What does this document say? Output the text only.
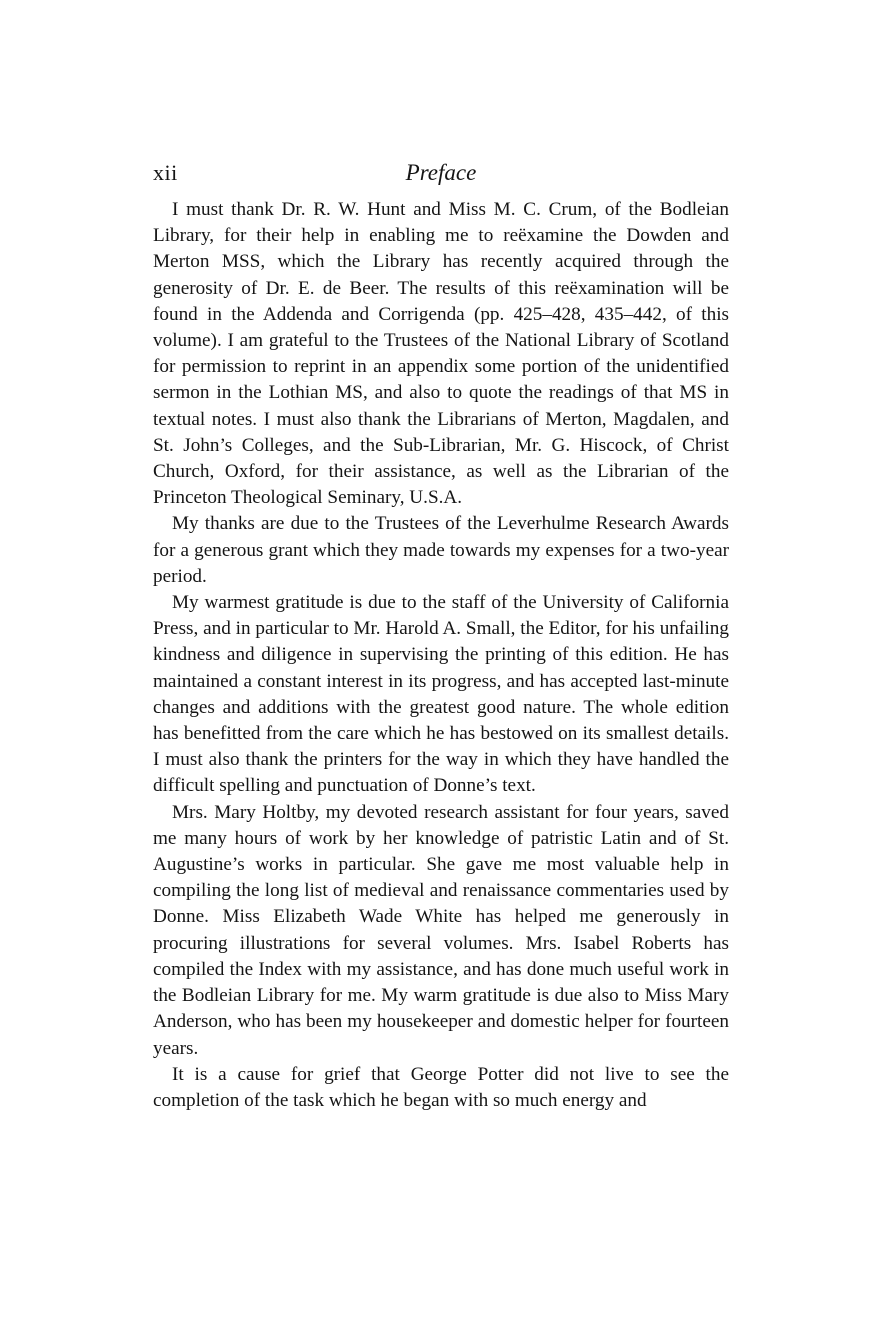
xii	Preface

I must thank Dr. R. W. Hunt and Miss M. C. Crum, of the Bodleian Library, for their help in enabling me to reëxamine the Dowden and Merton MSS, which the Library has recently acquired through the generosity of Dr. E. de Beer. The results of this reëxamination will be found in the Addenda and Corrigenda (pp. 425–428, 435–442, of this volume). I am grateful to the Trustees of the National Library of Scotland for permission to reprint in an appendix some portion of the unidentified sermon in the Lothian MS, and also to quote the readings of that MS in textual notes. I must also thank the Librarians of Merton, Magdalen, and St. John’s Colleges, and the Sub-Librarian, Mr. G. Hiscock, of Christ Church, Oxford, for their assistance, as well as the Librarian of the Princeton Theological Seminary, U.S.A.

My thanks are due to the Trustees of the Leverhulme Research Awards for a generous grant which they made towards my expenses for a two-year period.

My warmest gratitude is due to the staff of the University of California Press, and in particular to Mr. Harold A. Small, the Editor, for his unfailing kindness and diligence in supervising the printing of this edition. He has maintained a constant interest in its progress, and has accepted last-minute changes and additions with the greatest good nature. The whole edition has benefitted from the care which he has bestowed on its smallest details. I must also thank the printers for the way in which they have handled the difficult spelling and punctuation of Donne’s text.

Mrs. Mary Holtby, my devoted research assistant for four years, saved me many hours of work by her knowledge of patristic Latin and of St. Augustine’s works in particular. She gave me most valuable help in compiling the long list of medieval and renaissance commentaries used by Donne. Miss Elizabeth Wade White has helped me generously in procuring illustrations for several volumes. Mrs. Isabel Roberts has compiled the Index with my assistance, and has done much useful work in the Bodleian Library for me. My warm gratitude is due also to Miss Mary Anderson, who has been my housekeeper and domestic helper for fourteen years.

It is a cause for grief that George Potter did not live to see the completion of the task which he began with so much energy and
